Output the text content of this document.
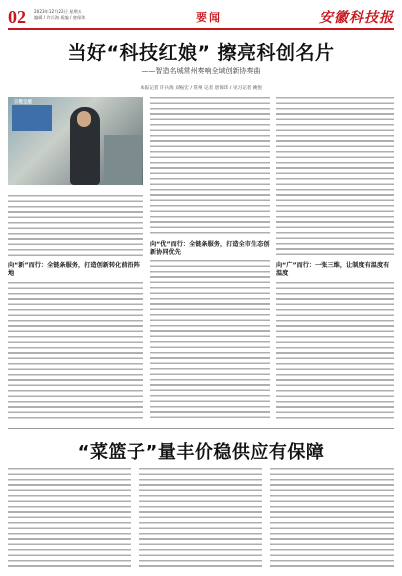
02 2023年12月22日 星期五
编辑 / 许兵海 质编 / 唐保玮	要闻	安徽科技报
当好“科技红娘” 擦亮科创名片
——智造名城常州奏响全域创新协奏曲
本报记者 许兵海 刘振宏 / 常州 记者 唐保玮 / 见习记者 姚悦
云橙全屋
向“新”而行：全链条服务，打造创新转化前沿阵地
向“优”而行：全链条服务，打造全市生态创新协同优先
向“广”而行：一张三维，让制度有温度有温度
“菜篮子”量丰价稳供应有保障
